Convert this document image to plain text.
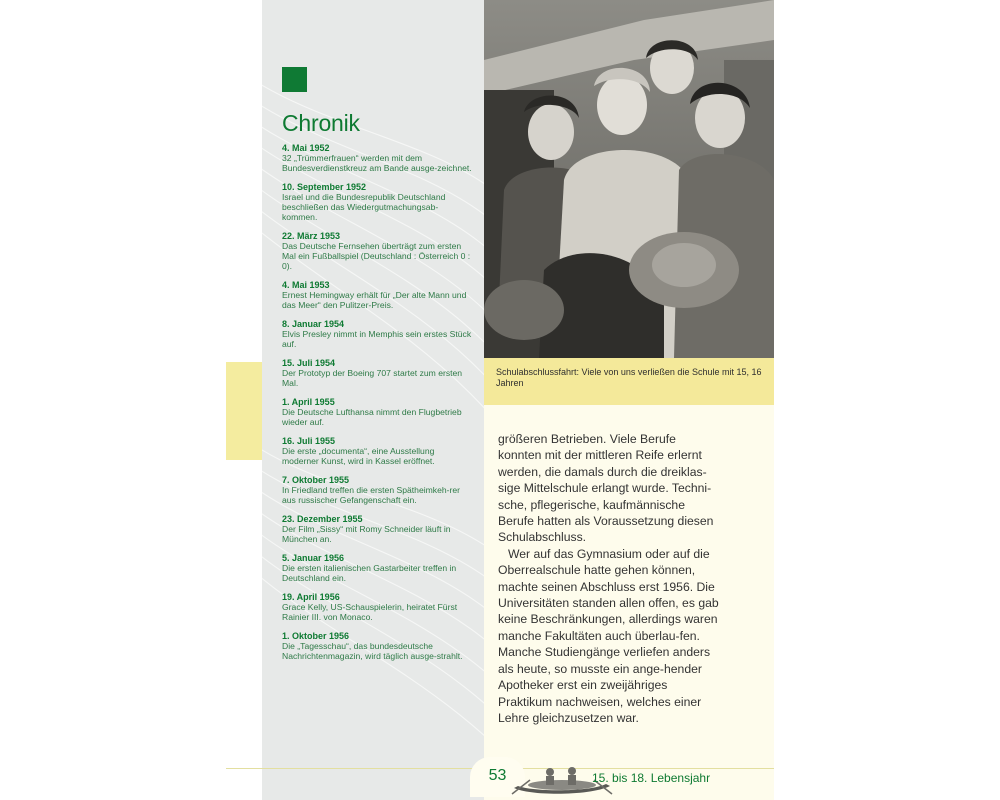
Chronik
4. Mai 1952
32 „Trümmerfrauen“ werden mit dem Bundesverdienstkreuz am Bande ausge-zeichnet.
10. September 1952
Israel und die Bundesrepublik Deutschland beschließen das Wiedergutmachungsab-kommen.
22. März 1953
Das Deutsche Fernsehen überträgt zum ersten Mal ein Fußballspiel (Deutschland : Österreich 0 : 0).
4. Mai 1953
Ernest Hemingway erhält für „Der alte Mann und das Meer“ den Pulitzer-Preis.
8. Januar 1954
Elvis Presley nimmt in Memphis sein erstes Stück auf.
15. Juli 1954
Der Prototyp der Boeing 707 startet zum ersten Mal.
1. April 1955
Die Deutsche Lufthansa nimmt den Flugbetrieb wieder auf.
16. Juli 1955
Die erste „documenta“, eine Ausstellung moderner Kunst, wird in Kassel eröffnet.
7. Oktober 1955
In Friedland treffen die ersten Spätheimkeh-rer aus russischer Gefangenschaft ein.
23. Dezember 1955
Der Film „Sissy“ mit Romy Schneider läuft in München an.
5. Januar 1956
Die ersten italienischen Gastarbeiter treffen in Deutschland ein.
19. April 1956
Grace Kelly, US-Schauspielerin, heiratet Fürst Rainier III. von Monaco.
1. Oktober 1956
Die „Tagesschau“, das bundesdeutsche Nachrichtenmagazin, wird täglich ausge-strahlt.
Schulabschlussfahrt: Viele von uns verließen die Schule mit 15, 16 Jahren

größeren Betrieben. Viele Berufe konnten mit der mittleren Reife erlernt werden, die damals durch die dreiklas-sige Mittelschule erlangt wurde. Techni-sche, pflegerische, kaufmännische Berufe hatten als Voraussetzung diesen Schulabschluss.

Wer auf das Gymnasium oder auf die Oberrealschule hatte gehen können, machte seinen Abschluss erst 1956. Die Universitäten standen allen offen, es gab keine Beschränkungen, allerdings waren manche Fakultäten auch überlau-fen. Manche Studiengänge verliefen anders als heute, so musste ein ange-hender Apotheker erst ein zweijähriges Praktikum nachweisen, welches einer Lehre gleichzusetzen war.

53	15. bis 18. Lebensjahr
